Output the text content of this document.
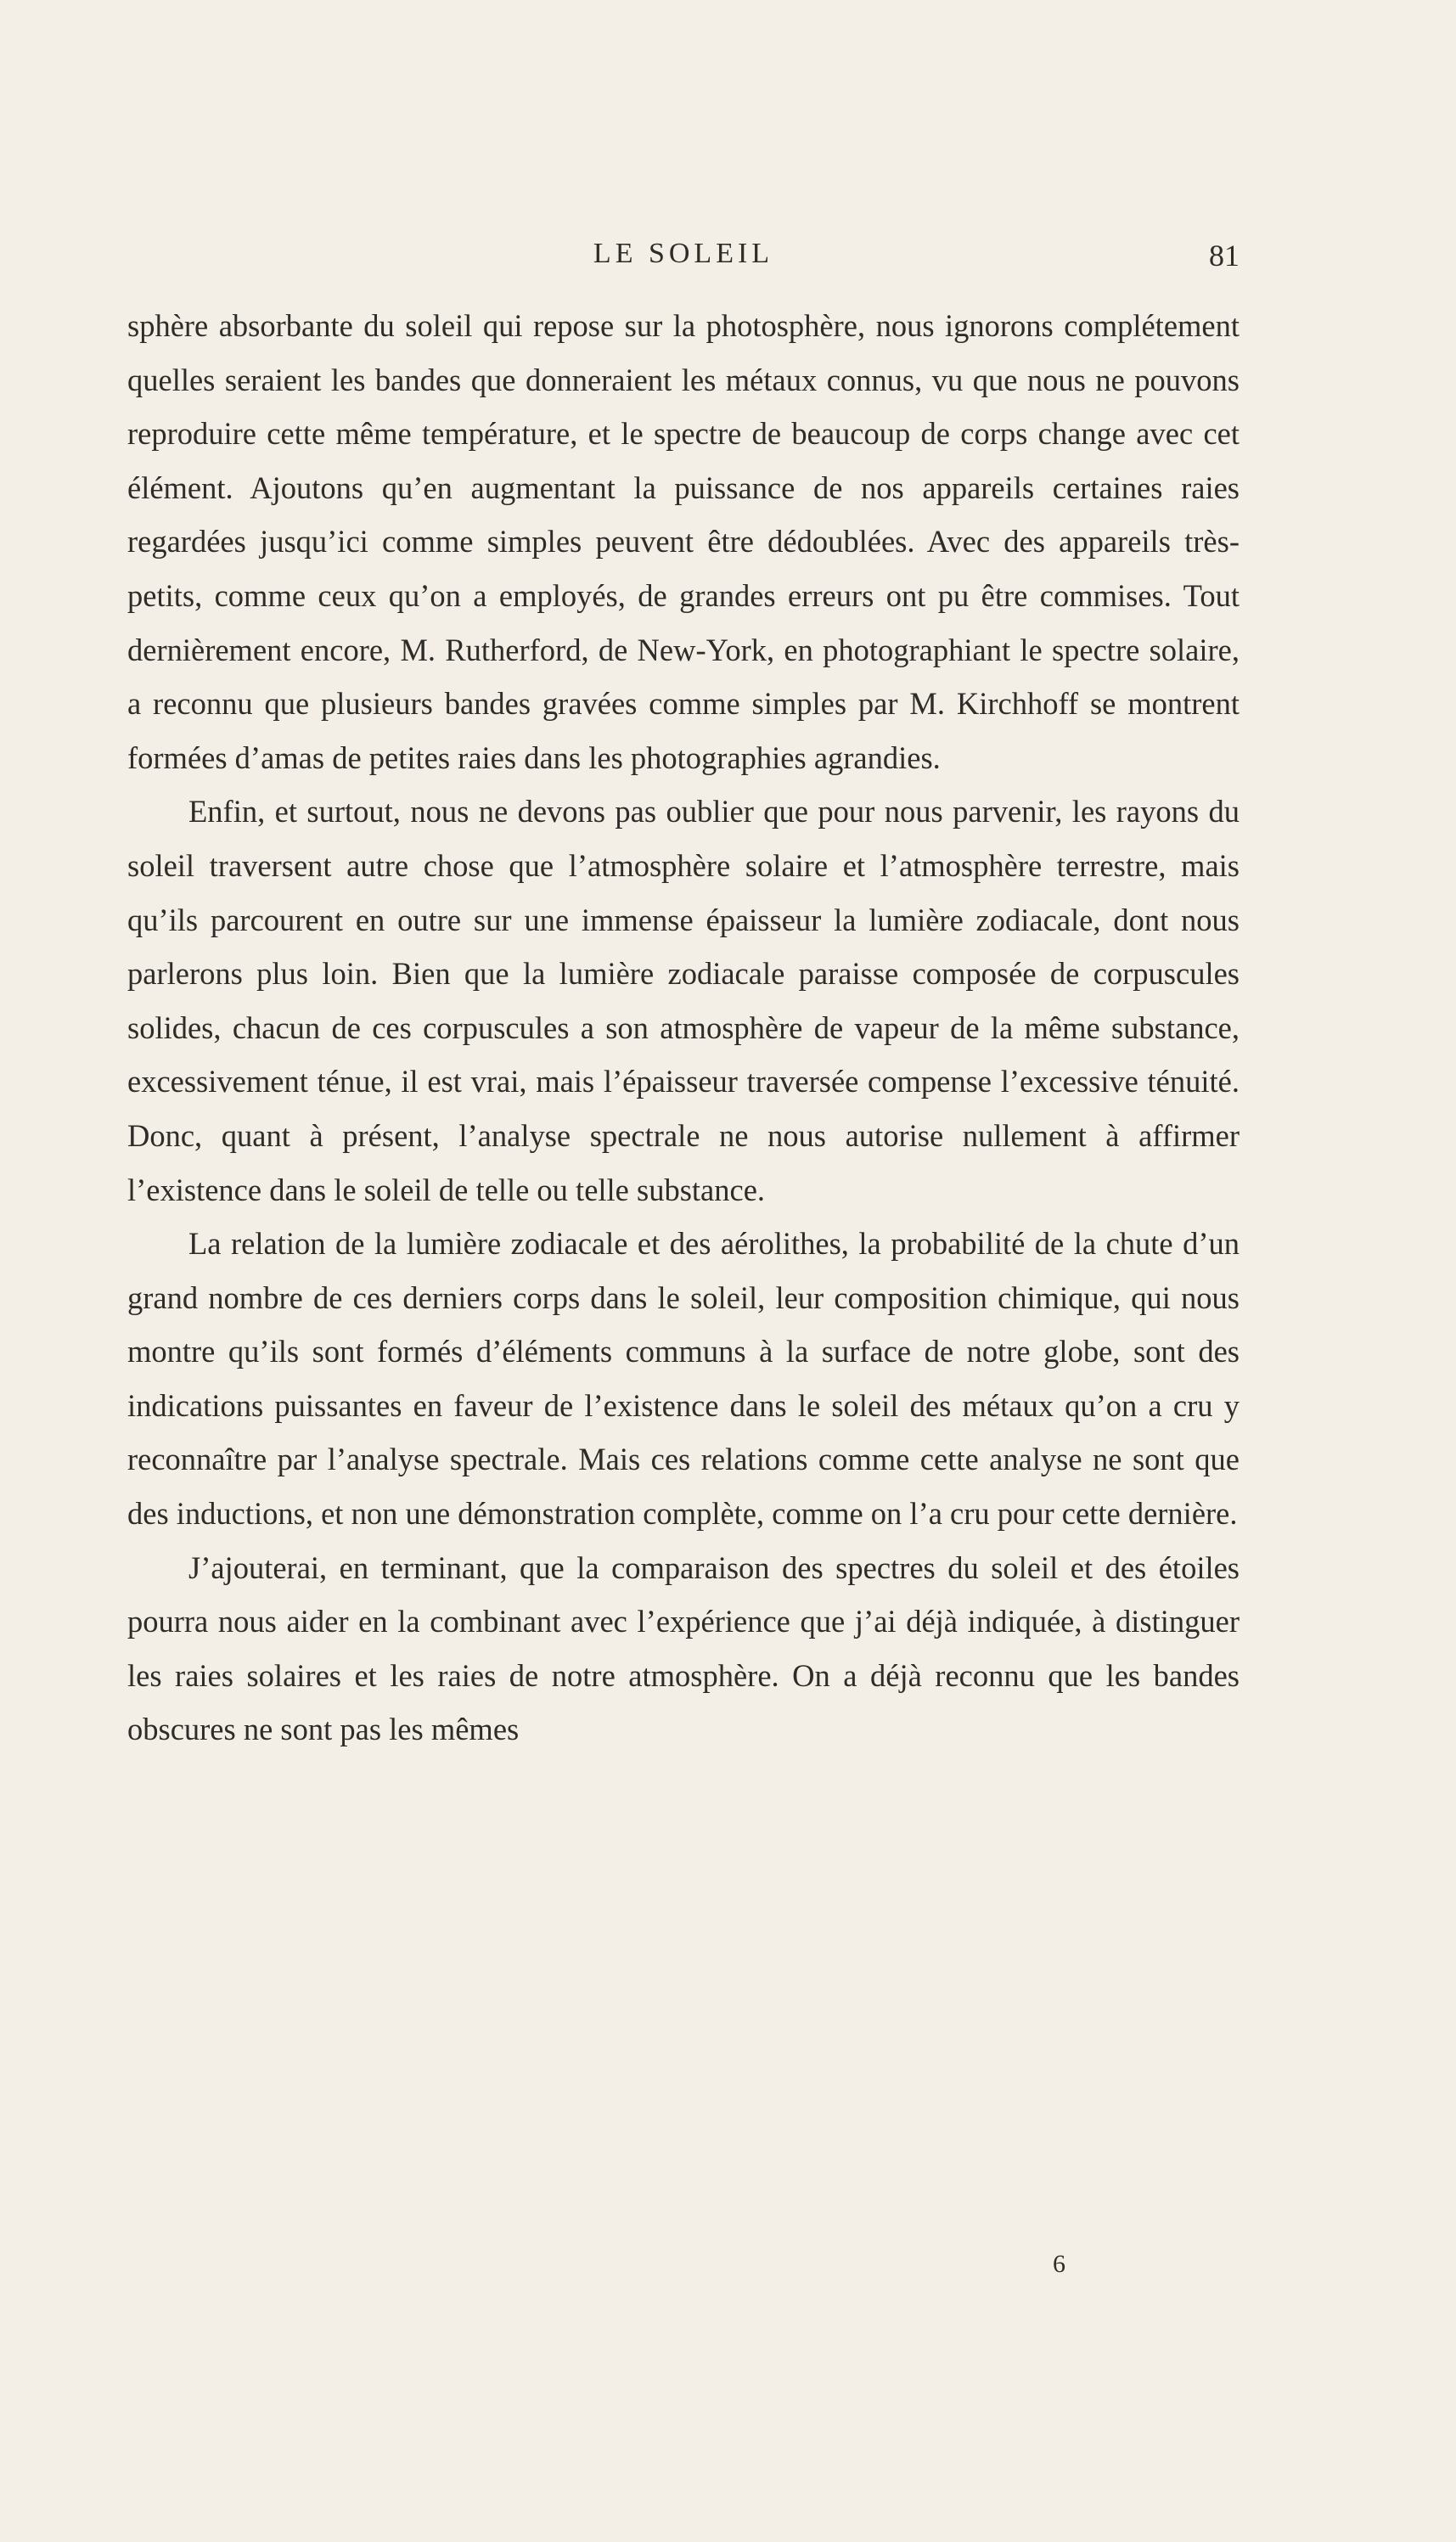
LE SOLEIL	81

sphère absorbante du soleil qui repose sur la photosphère, nous ignorons complétement quelles seraient les bandes que donneraient les métaux connus, vu que nous ne pouvons reproduire cette même température, et le spectre de beaucoup de corps change avec cet élément. Ajoutons qu’en augmentant la puissance de nos appareils certaines raies regardées jusqu’ici comme simples peuvent être dédoublées. Avec des appareils très-petits, comme ceux qu’on a employés, de grandes erreurs ont pu être commises. Tout dernièrement encore, M. Rutherford, de New-York, en photographiant le spectre solaire, a reconnu que plusieurs bandes gravées comme simples par M. Kirchhoff se montrent formées d’amas de petites raies dans les photographies agrandies.

Enfin, et surtout, nous ne devons pas oublier que pour nous parvenir, les rayons du soleil traversent autre chose que l’atmosphère solaire et l’atmosphère terrestre, mais qu’ils parcourent en outre sur une immense épaisseur la lumière zodiacale, dont nous parlerons plus loin. Bien que la lumière zodiacale paraisse composée de corpuscules solides, chacun de ces corpuscules a son atmosphère de vapeur de la même substance, excessivement ténue, il est vrai, mais l’épaisseur traversée compense l’excessive ténuité. Donc, quant à présent, l’analyse spectrale ne nous autorise nullement à affirmer l’existence dans le soleil de telle ou telle substance.

La relation de la lumière zodiacale et des aérolithes, la probabilité de la chute d’un grand nombre de ces derniers corps dans le soleil, leur composition chimique, qui nous montre qu’ils sont formés d’éléments communs à la surface de notre globe, sont des indications puissantes en faveur de l’existence dans le soleil des métaux qu’on a cru y reconnaître par l’analyse spectrale. Mais ces relations comme cette analyse ne sont que des inductions, et non une démonstration complète, comme on l’a cru pour cette dernière.

J’ajouterai, en terminant, que la comparaison des spectres du soleil et des étoiles pourra nous aider en la combinant avec l’expérience que j’ai déjà indiquée, à distinguer les raies solaires et les raies de notre atmosphère. On a déjà reconnu que les bandes obscures ne sont pas les mêmes

6
